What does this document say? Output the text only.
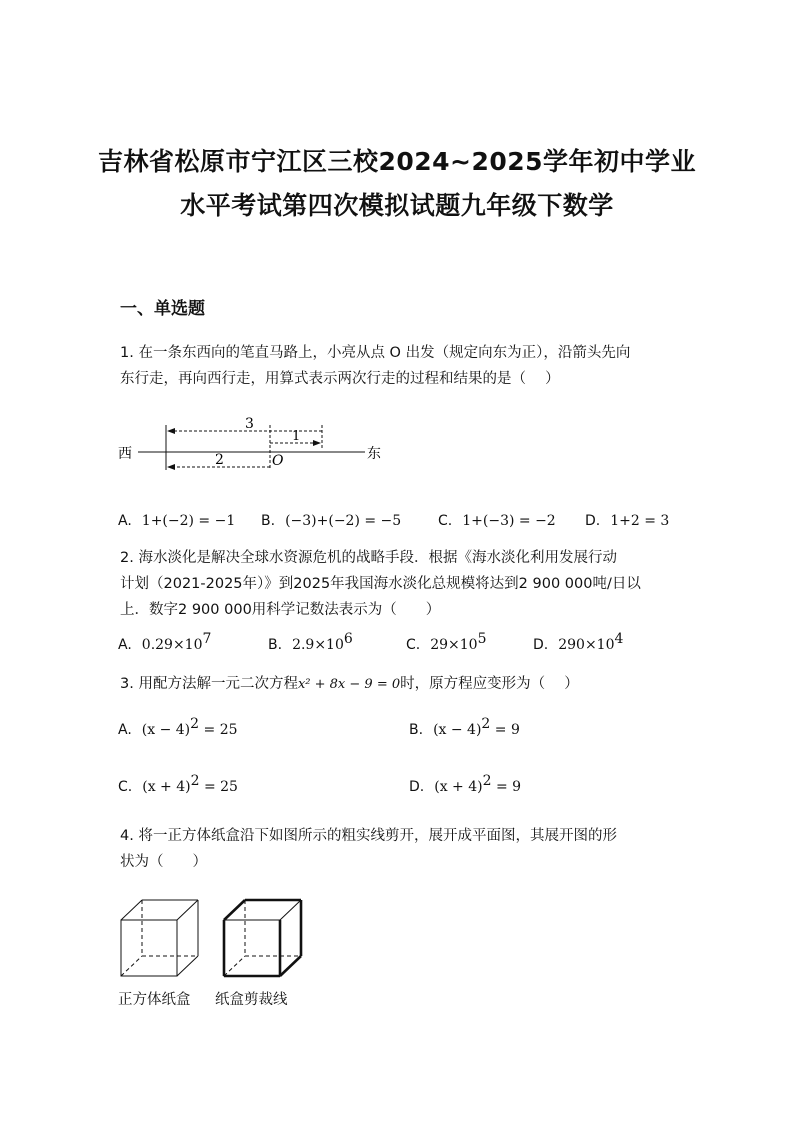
吉林省松原市宁江区三校2024~2025学年初中学业
水平考试第四次模拟试题九年级下数学
一、单选题
1. 在一条东西向的笔直马路上，小亮从点 O 出发（规定向东为正），沿箭头先向
东行走，再向西行走，用算式表示两次行走的过程和结果的是（　 ）
西	东
3
1
2	O
A. 1+(−2) = −1 B. (−3)+(−2) = −5	C. 1+(−3) = −2 D. 1+2 = 3
2. 海水淡化是解决全球水资源危机的战略手段．根据《海水淡化利用发展行动
计划（2021-2025年）》到2025年我国海水淡化总规模将达到2 900 000吨/日以
上．数字2 900 000用科学记数法表示为（　　）
A. $0.29\times 10^7$	B. $2.9\times 10^6$	C. $29\times 10^5$	D. $290\times 10^4$
3. 用配方法解一元二次方程x² + 8x − 9 = 0时，原方程应变形为（　 ）
A. $(x - 4)^2 = 25$	B. $(x - 4)^2 = 9$
C. $(x + 4)^2 = 25$	D. $(x + 4)^2 = 9$
4. 将一正方体纸盒沿下如图所示的粗实线剪开，展开成平面图，其展开图的形
状为（　　）
正方体纸盒 纸盒剪裁线
